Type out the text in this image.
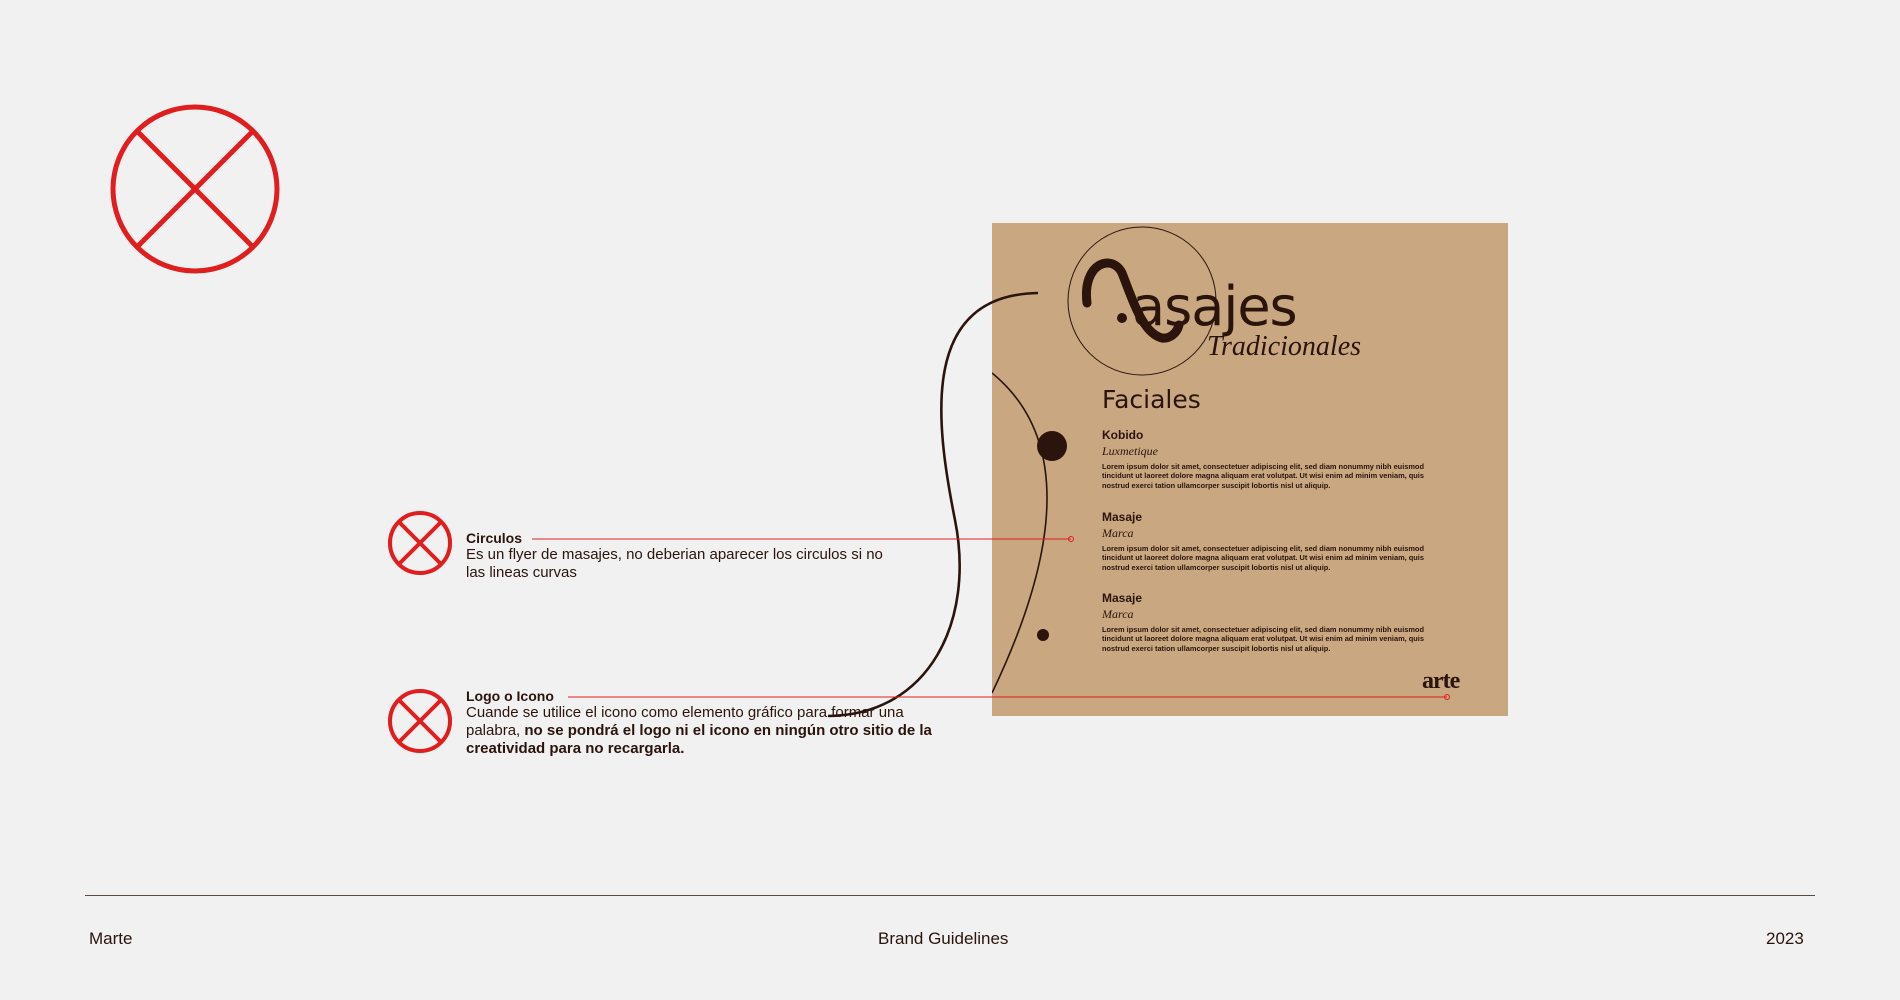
Circulos
Es un flyer de masajes, no deberian aparecer los circulos si no las lineas curvas
Logo o Icono
Cuande se utilice el icono como elemento gráfico para formar una palabra, no se pondrá el logo ni el icono en ningún otro sitio de la creatividad para no recargarla.
asajes
Tradicionales
Faciales
Kobido
Luxmetique
Lorem ipsum dolor sit amet, consectetuer adipiscing elit, sed diam nonummy nibh euismod tincidunt ut laoreet dolore magna aliquam erat volutpat. Ut wisi enim ad minim veniam, quis nostrud exerci tation ullamcorper suscipit lobortis nisl ut aliquip.
Masaje
Marca
Lorem ipsum dolor sit amet, consectetuer adipiscing elit, sed diam nonummy nibh euismod tincidunt ut laoreet dolore magna aliquam erat volutpat. Ut wisi enim ad minim veniam, quis nostrud exerci tation ullamcorper suscipit lobortis nisl ut aliquip.
Masaje
Marca
Lorem ipsum dolor sit amet, consectetuer adipiscing elit, sed diam nonummy nibh euismod tincidunt ut laoreet dolore magna aliquam erat volutpat. Ut wisi enim ad minim veniam, quis nostrud exerci tation ullamcorper suscipit lobortis nisl ut aliquip.
arte
Marte	Brand Guidelines	2023
